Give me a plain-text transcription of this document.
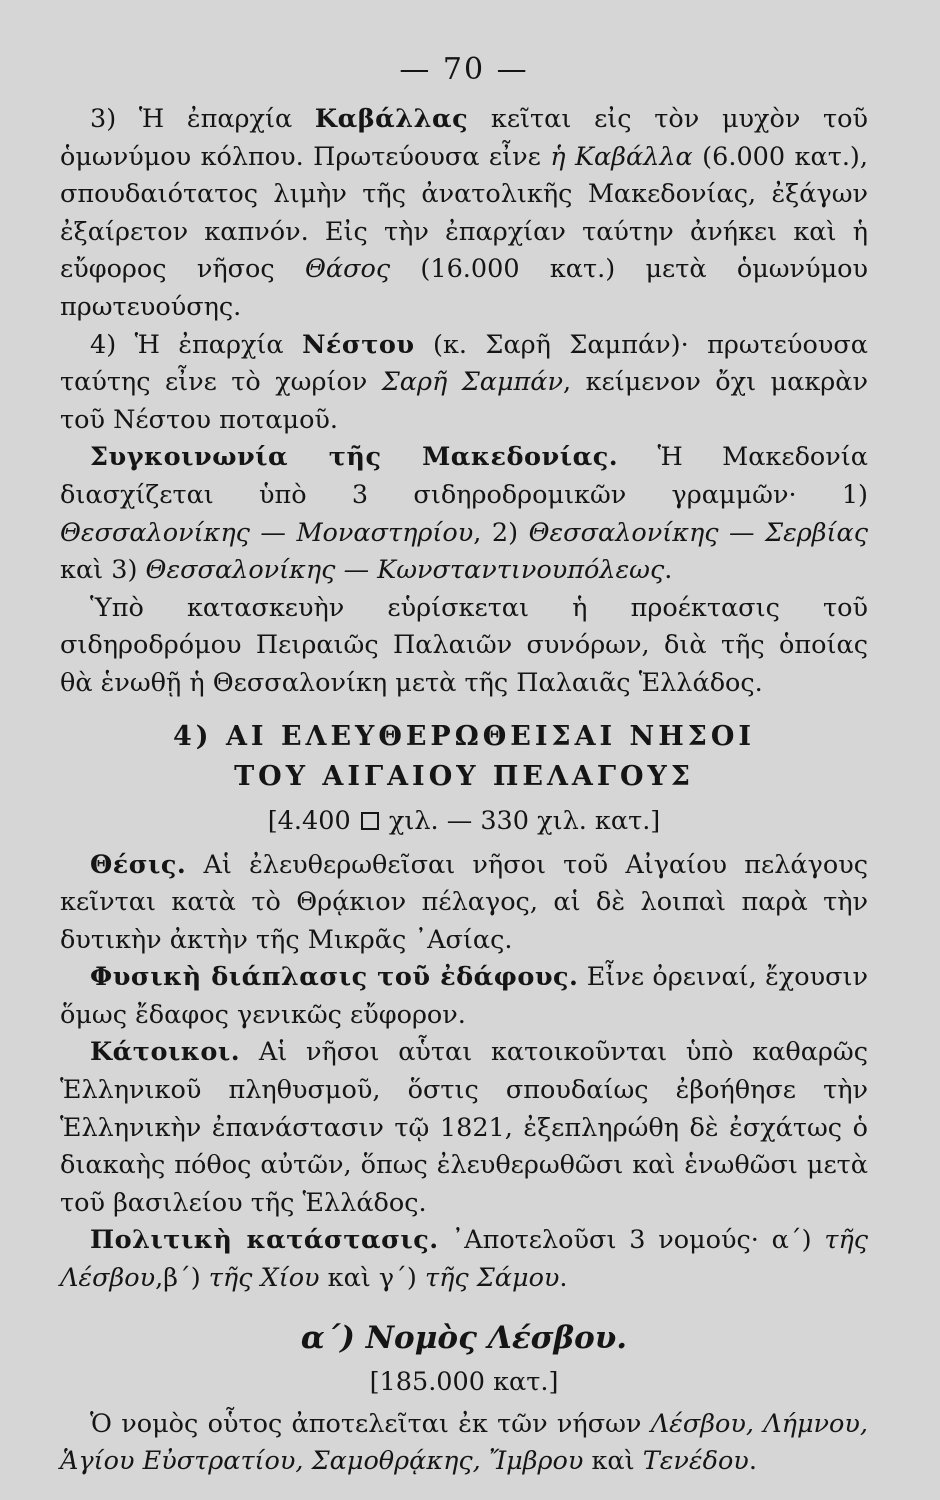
— 70 —

3) Ἡ ἐπαρχία Καβάλλας κεῖται εἰς τὸν μυχὸν τοῦ ὁμωνύμου κόλπου. Πρωτεύουσα εἶνε ἡ Καβάλλα (6.000 κατ.), σπουδαιότατος λιμὴν τῆς ἀνατολικῆς Μακεδονίας, ἐξάγων ἐξαίρετον καπνόν. Εἰς τὴν ἐπαρχίαν ταύτην ἀνήκει καὶ ἡ εὔφορος νῆσος Θάσος (16.000 κατ.) μετὰ ὁμωνύμου πρωτευούσης.

4) Ἡ ἐπαρχία Νέστου (κ. Σαρῆ Σαμπάν)· πρωτεύουσα ταύτης εἶνε τὸ χωρίον Σαρῆ Σαμπάν, κείμενον ὄχι μακρὰν τοῦ Νέστου ποταμοῦ.

Συγκοινωνία τῆς Μακεδονίας. Ἡ Μακεδονία διασχίζεται ὑπὸ 3 σιδηροδρομικῶν γραμμῶν· 1) Θεσσαλονίκης — Μοναστηρίου, 2) Θεσσαλονίκης — Σερβίας καὶ 3) Θεσσαλονίκης — Κωνσταντινουπόλεως.

Ὑπὸ κατασκευὴν εὑρίσκεται ἡ προέκτασις τοῦ σιδηροδρόμου Πειραιῶς Παλαιῶν συνόρων, διὰ τῆς ὁποίας θὰ ἑνωθῇ ἡ Θεσσαλονίκη μετὰ τῆς Παλαιᾶς Ἑλλάδος.

4) ΑΙ ΕΛΕΥΘΕΡΩΘΕΙΣΑΙ ΝΗΣΟΙ
ΤΟΥ ΑΙΓΑΙΟΥ ΠΕΛΑΓΟΥΣ
[4.400 χιλ. — 330 χιλ. κατ.]

Θέσις. Αἱ ἐλευθερωθεῖσαι νῆσοι τοῦ Αἰγαίου πελάγους κεῖνται κατὰ τὸ Θρᾴκιον πέλαγος, αἱ δὲ λοιπαὶ παρὰ τὴν δυτικὴν ἀκτὴν τῆς Μικρᾶς ᾿Ασίας.

Φυσικὴ διάπλασις τοῦ ἐδάφους. Εἶνε ὀρειναί, ἔχουσιν ὅμως ἔδαφος γενικῶς εὔφορον.

Κάτοικοι. Αἱ νῆσοι αὗται κατοικοῦνται ὑπὸ καθαρῶς Ἑλληνικοῦ πληθυσμοῦ, ὅστις σπουδαίως ἐβοήθησε τὴν Ἑλληνικὴν ἐπανάστασιν τῷ 1821, ἐξεπληρώθη δὲ ἐσχάτως ὁ διακαὴς πόθος αὐτῶν, ὅπως ἐλευθερωθῶσι καὶ ἑνωθῶσι μετὰ τοῦ βασιλείου τῆς Ἑλλάδος.

Πολιτικὴ κατάστασις. ᾿Αποτελοῦσι 3 νομούς· α΄) τῆς Λέσβου,β΄) τῆς Χίου καὶ γ΄) τῆς Σάμου.

α΄) Νομὸς Λέσβου.
[185.000 κατ.]

Ὁ νομὸς οὗτος ἀποτελεῖται ἐκ τῶν νήσων Λέσβου, Λήμνου, Ἁγίου Εὐστρατίου, Σαμοθρᾴκης, Ἴμβρου καὶ Τενέδου.
